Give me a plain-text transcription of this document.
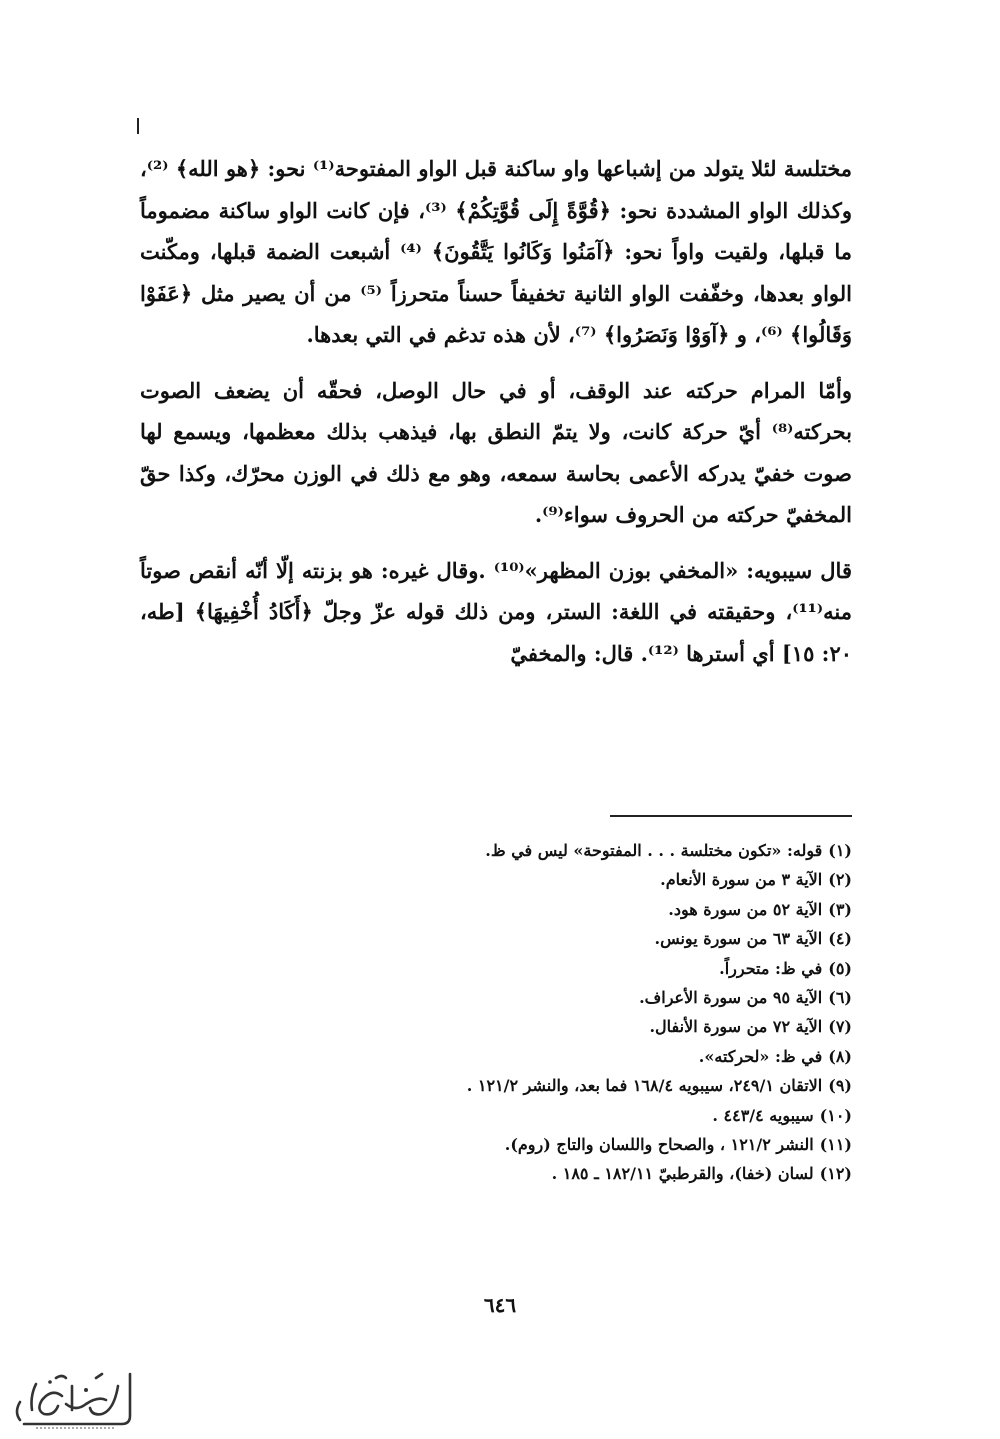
مختلسة لئلا يتولد من إشباعها واو ساكنة قبل الواو المفتوحة⁽¹⁾ نحو: ﴿هو الله﴾ ⁽²⁾، وكذلك الواو المشددة نحو: ﴿قُوَّةً إِلَى قُوَّتِكُمْ﴾ ⁽³⁾، فإن كانت الواو ساكنة مضموماً ما قبلها، ولقيت واواً نحو: ﴿آمَنُوا وَكَانُوا يَتَّقُونَ﴾ ⁽⁴⁾ أشبعت الضمة قبلها، ومكّنت الواو بعدها، وخفّفت الواو الثانية تخفيفاً حسناً متحرزاً ⁽⁵⁾ من أن يصير مثل ﴿عَفَوْا وَقَالُوا﴾ ⁽⁶⁾، و ﴿آوَوْا وَنَصَرُوا﴾ ⁽⁷⁾، لأن هذه تدغم في التي بعدها.

وأمّا المرام حركته عند الوقف، أو في حال الوصل، فحقّه أن يضعف الصوت بحركته⁽⁸⁾ أيّ حركة كانت، ولا يتمّ النطق بها، فيذهب بذلك معظمها، ويسمع لها صوت خفيّ يدركه الأعمى بحاسة سمعه، وهو مع ذلك في الوزن محرّك، وكذا حقّ المخفيّ حركته من الحروف سواء⁽⁹⁾.

قال سيبويه: «المخفي بوزن المظهر»⁽¹⁰⁾ .وقال غيره: هو بزنته إلّا أنّه أنقص صوتاً منه⁽¹¹⁾، وحقيقته في اللغة: الستر، ومن ذلك قوله عزّ وجلّ ﴿أَكَادُ أُخْفِيهَا﴾ [طه، ٢٠: ١٥] أي أسترها ⁽¹²⁾. قال: والمخفيّ

(١)قوله: «تكون مختلسة . . . المفتوحة» ليس في ظ.
(٢)الآية ٣ من سورة الأنعام.
(٣)الآية ٥٢ من سورة هود.
(٤)الآية ٦٣ من سورة يونس.
(٥)في ظ: متحرراً.
(٦)الآية ٩٥ من سورة الأعراف.
(٧)الآية ٧٢ من سورة الأنفال.
(٨)في ظ: «لحركته».
(٩)الاتقان ٢٤٩/١، سيبويه ١٦٨/٤ فما بعد، والنشر ١٢١/٢ .
(١٠)سيبويه ٤٤٣/٤ .
(١١)النشر ١٢١/٢ ، والصحاح واللسان والتاج (روم).
(١٢)لسان (خفا)، والقرطبيّ ١٨٢/١١ ـ ١٨٥ .
٦٤٦
